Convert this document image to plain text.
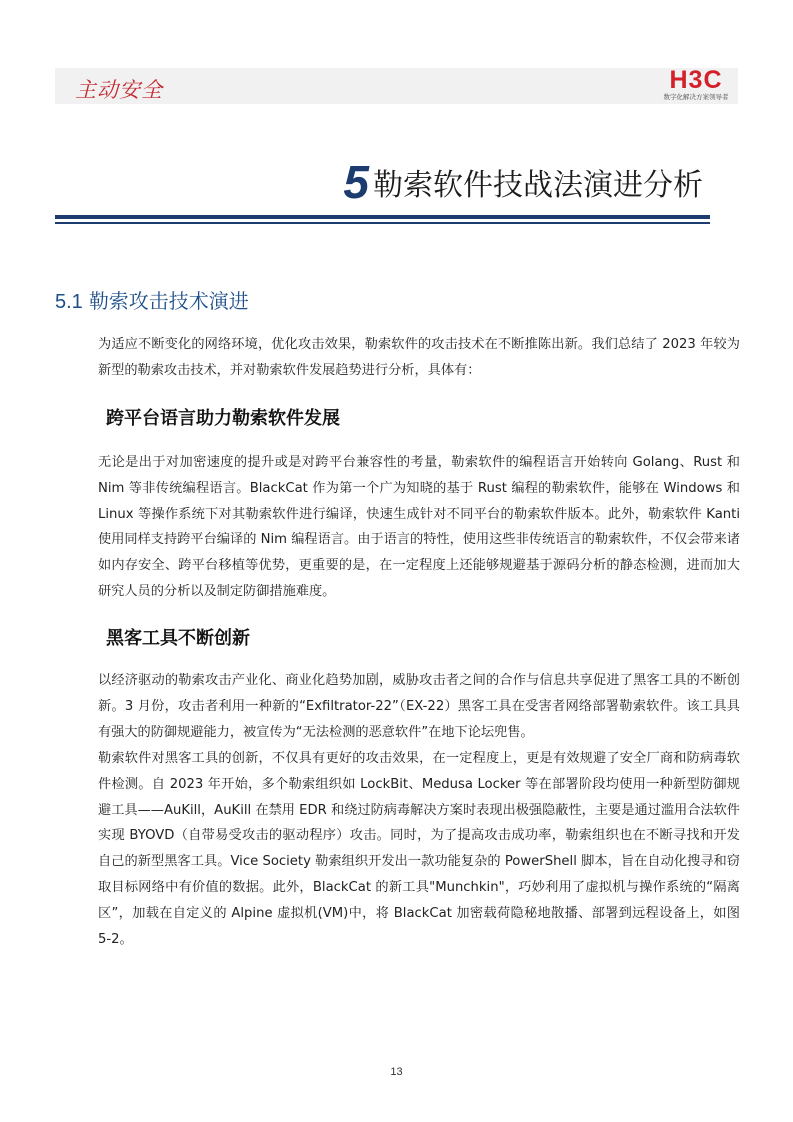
主动安全	H3C
数字化解决方案领导者
5 勒索软件技战法演进分析
5.1 勒索攻击技术演进

为适应不断变化的网络环境，优化攻击效果，勒索软件的攻击技术在不断推陈出新。我们总结了 2023 年较为新型的勒索攻击技术，并对勒索软件发展趋势进行分析，具体有：

跨平台语言助力勒索软件发展

无论是出于对加密速度的提升或是对跨平台兼容性的考量，勒索软件的编程语言开始转向 Golang、Rust 和 Nim 等非传统编程语言。BlackCat 作为第一个广为知晓的基于 Rust 编程的勒索软件，能够在 Windows 和 Linux 等操作系统下对其勒索软件进行编译，快速生成针对不同平台的勒索软件版本。此外，勒索软件 Kanti 使用同样支持跨平台编译的 Nim 编程语言。由于语言的特性，使用这些非传统语言的勒索软件，不仅会带来诸如内存安全、跨平台移植等优势，更重要的是，在一定程度上还能够规避基于源码分析的静态检测，进而加大研究人员的分析以及制定防御措施难度。

黑客工具不断创新

以经济驱动的勒索攻击产业化、商业化趋势加剧，威胁攻击者之间的合作与信息共享促进了黑客工具的不断创新。3 月份，攻击者利用一种新的“Exfiltrator-22”（EX-22）黑客工具在受害者网络部署勒索软件。该工具具有强大的防御规避能力，被宣传为“无法检测的恶意软件”在地下论坛兜售。

勒索软件对黑客工具的创新，不仅具有更好的攻击效果，在一定程度上，更是有效规避了安全厂商和防病毒软件检测。自 2023 年开始，多个勒索组织如 LockBit、Medusa Locker 等在部署阶段均使用一种新型防御规避工具——AuKill，AuKill 在禁用 EDR 和绕过防病毒解决方案时表现出极强隐蔽性，主要是通过滥用合法软件实现 BYOVD（自带易受攻击的驱动程序）攻击。同时，为了提高攻击成功率，勒索组织也在不断寻找和开发自己的新型黑客工具。Vice Society 勒索组织开发出一款功能复杂的 PowerShell 脚本，旨在自动化搜寻和窃取目标网络中有价值的数据。此外，BlackCat 的新工具"Munchkin"，巧妙利用了虚拟机与操作系统的“隔离区”，加载在自定义的 Alpine 虚拟机(VM)中，将 BlackCat 加密载荷隐秘地散播、部署到远程设备上，如图 5-2。

13
